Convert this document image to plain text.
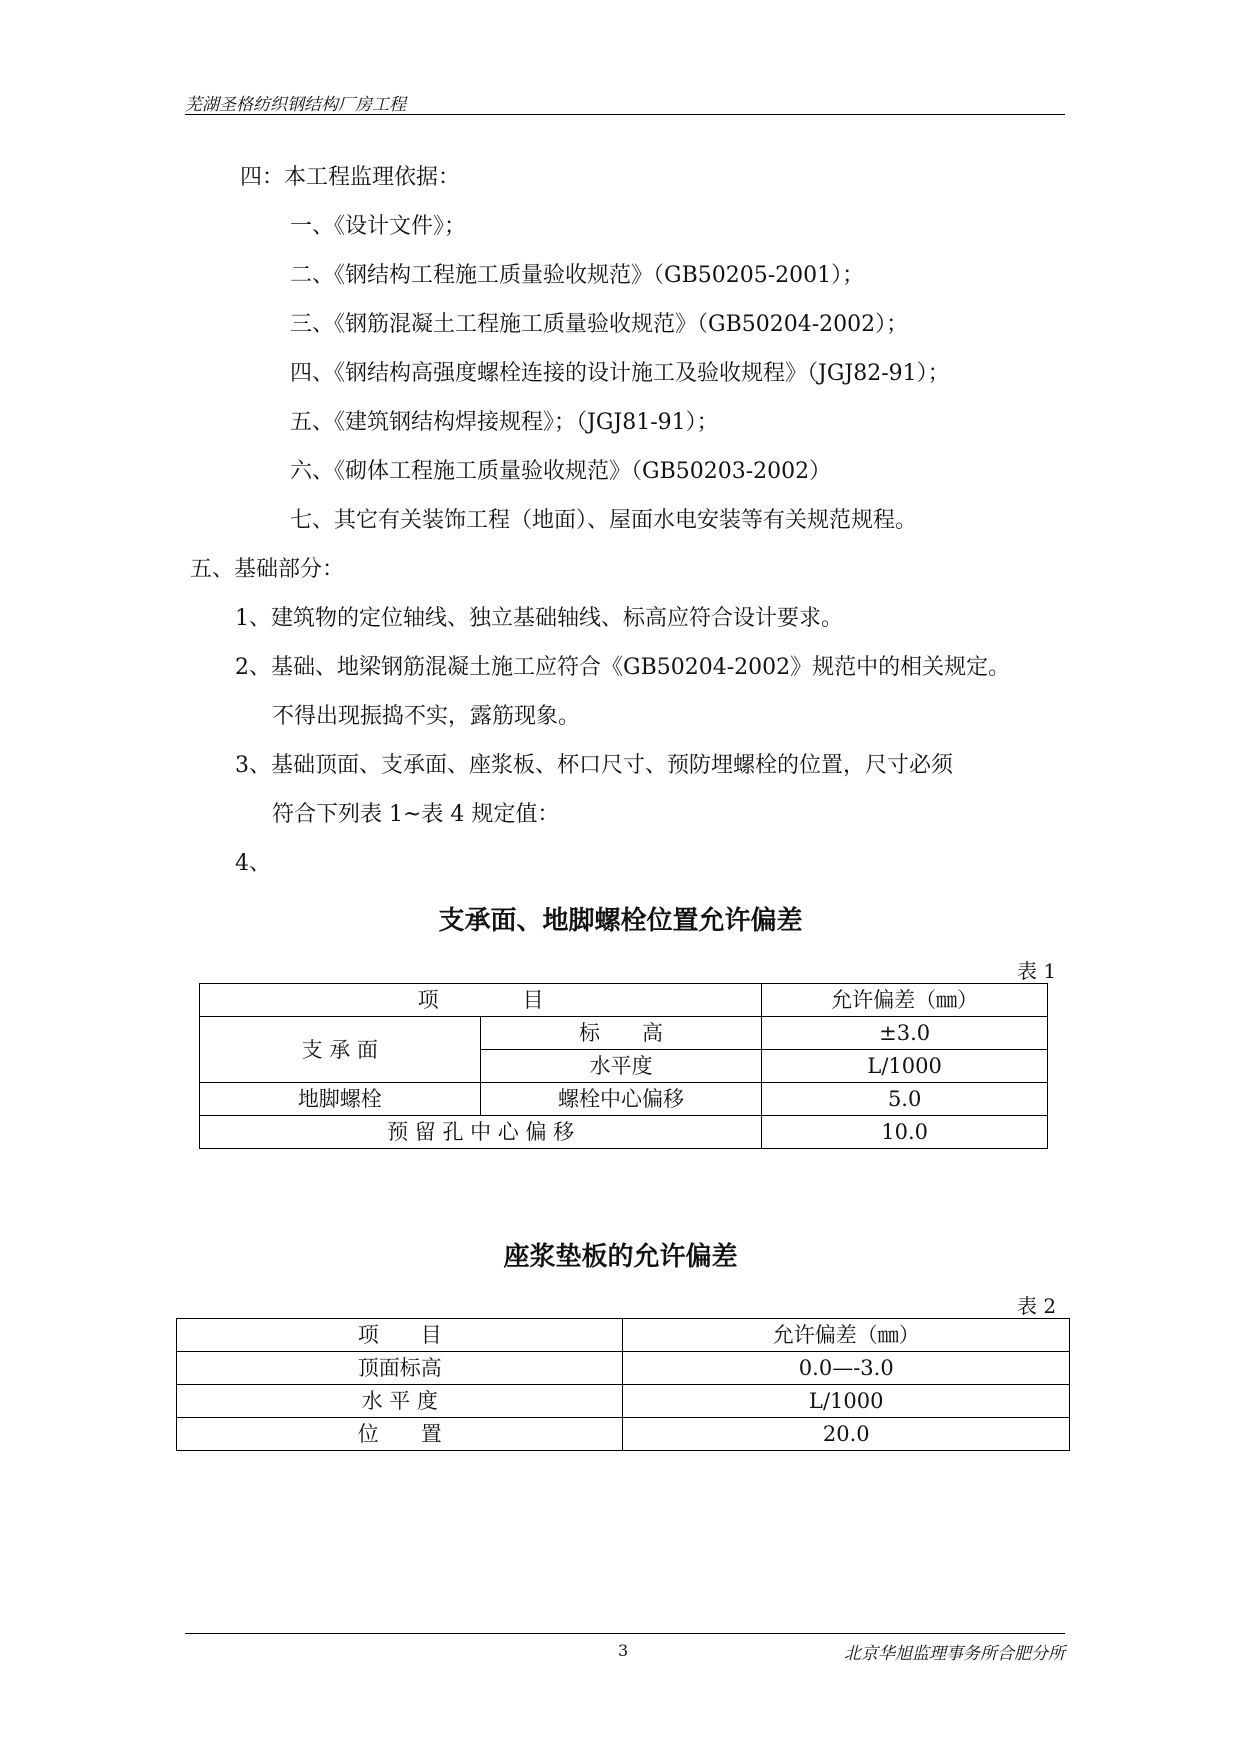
芜湖圣格纺织钢结构厂房工程
四：本工程监理依据：
一、《设计文件》；
二、《钢结构工程施工质量验收规范》（GB50205-2001）；
三、《钢筋混凝土工程施工质量验收规范》（GB50204-2002）；
四、《钢结构高强度螺栓连接的设计施工及验收规程》（JGJ82-91）；
五、《建筑钢结构焊接规程》；（JGJ81-91）；
六、《砌体工程施工质量验收规范》（GB50203-2002）
七、其它有关装饰工程（地面）、屋面水电安装等有关规范规程。
五、基础部分：
1、建筑物的定位轴线、独立基础轴线、标高应符合设计要求。
2、基础、地梁钢筋混凝土施工应符合《GB50204-2002》规范中的相关规定。
不得出现振捣不实，露筋现象。
3、基础顶面、支承面、座浆板、杯口尺寸、预防埋螺栓的位置，尺寸必须
符合下列表 1~表 4 规定值：
4、
支承面、地脚螺栓位置允许偏差
表 1
项　　　　目		允许偏差（㎜）
支 承 面	标　　高	±3.0
	水平度	L/1000
地脚螺栓	螺栓中心偏移	5.0
预 留 孔 中 心 偏 移		10.0
座浆垫板的允许偏差
表 2
项　　目	允许偏差（㎜）
顶面标高	0.0—-3.0
水 平 度	L/1000
位　　置	20.0
3	北京华旭监理事务所合肥分所
